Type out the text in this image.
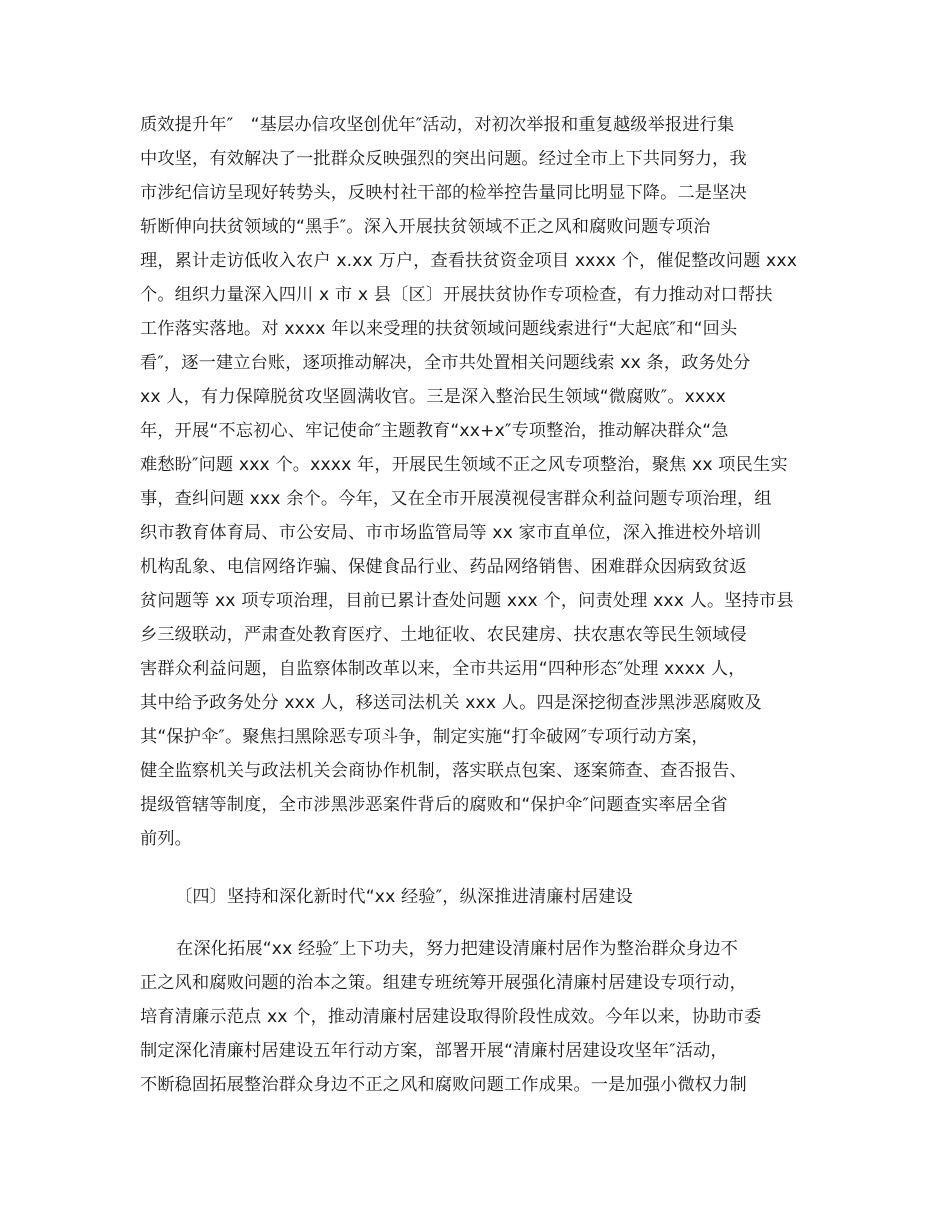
质效提升年″　“基层办信攻坚创优年″活动，对初次举报和重复越级举报进行集
中攻坚，有效解决了一批群众反映强烈的突出问题。经过全市上下共同努力，我
市涉纪信访呈现好转势头，反映村社干部的检举控告量同比明显下降。二是坚决
斩断伸向扶贫领域的“黑手″。深入开展扶贫领域不正之风和腐败问题专项治
理，累计走访低收入农户 x.xx 万户，查看扶贫资金项目 xxxx 个，催促整改问题 xxx
个。组织力量深入四川 x 市 x 县〔区〕开展扶贫协作专项检查，有力推动对口帮扶
工作落实落地。对 xxxx 年以来受理的扶贫领域问题线索进行“大起底″和“回头
看″，逐一建立台账，逐项推动解决，全市共处置相关问题线索 xx 条，政务处分
xx 人，有力保障脱贫攻坚圆满收官。三是深入整治民生领域“微腐败″。xxxx
年，开展“不忘初心、牢记使命″主题教育“xx+x″专项整治，推动解决群众“急
难愁盼″问题 xxx 个。xxxx 年，开展民生领域不正之风专项整治，聚焦 xx 项民生实
事，查纠问题 xxx 余个。今年，又在全市开展漠视侵害群众利益问题专项治理，组
织市教育体育局、市公安局、市市场监管局等 xx 家市直单位，深入推进校外培训
机构乱象、电信网络诈骗、保健食品行业、药品网络销售、困难群众因病致贫返
贫问题等 xx 项专项治理，目前已累计查处问题 xxx 个，问责处理 xxx 人。坚持市县
乡三级联动，严肃查处教育医疗、土地征收、农民建房、扶农惠农等民生领域侵
害群众利益问题，自监察体制改革以来，全市共运用“四种形态″处理 xxxx 人，
其中给予政务处分 xxx 人，移送司法机关 xxx 人。四是深挖彻查涉黑涉恶腐败及
其“保护伞″。聚焦扫黑除恶专项斗争，制定实施“打伞破网″专项行动方案，
健全监察机关与政法机关会商协作机制，落实联点包案、逐案筛查、查否报告、
提级管辖等制度，全市涉黑涉恶案件背后的腐败和“保护伞″问题查实率居全省
前列。
〔四〕坚持和深化新时代“xx 经验″，纵深推进清廉村居建设
在深化拓展“xx 经验″上下功夫，努力把建设清廉村居作为整治群众身边不
正之风和腐败问题的治本之策。组建专班统筹开展强化清廉村居建设专项行动，
培育清廉示范点 xx 个，推动清廉村居建设取得阶段性成效。今年以来，协助市委
制定深化清廉村居建设五年行动方案，部署开展“清廉村居建设攻坚年″活动，
不断稳固拓展整治群众身边不正之风和腐败问题工作成果。一是加强小微权力制
